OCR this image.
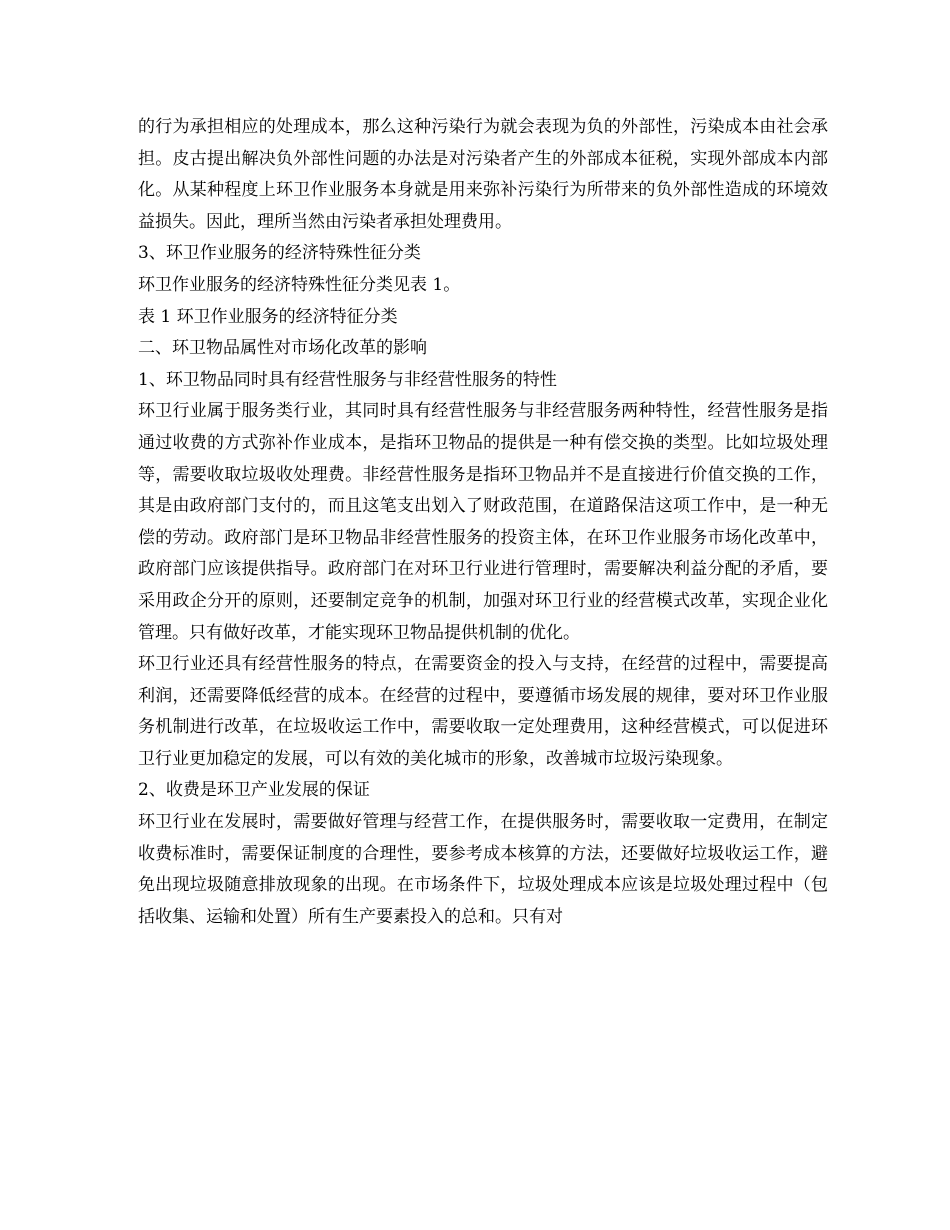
的行为承担相应的处理成本，那么这种污染行为就会表现为负的外部性，污染成本由社会承担。皮古提出解决负外部性问题的办法是对污染者产生的外部成本征税，实现外部成本内部化。从某种程度上环卫作业服务本身就是用来弥补污染行为所带来的负外部性造成的环境效益损失。因此，理所当然由污染者承担处理费用。

3、环卫作业服务的经济特殊性征分类

环卫作业服务的经济特殊性征分类见表 1。

表 1 环卫作业服务的经济特征分类

二、环卫物品属性对市场化改革的影响

1、环卫物品同时具有经营性服务与非经营性服务的特性

环卫行业属于服务类行业，其同时具有经营性服务与非经营服务两种特性，经营性服务是指通过收费的方式弥补作业成本，是指环卫物品的提供是一种有偿交换的类型。比如垃圾处理等，需要收取垃圾收处理费。非经营性服务是指环卫物品并不是直接进行价值交换的工作，其是由政府部门支付的，而且这笔支出划入了财政范围，在道路保洁这项工作中，是一种无偿的劳动。政府部门是环卫物品非经营性服务的投资主体，在环卫作业服务市场化改革中，政府部门应该提供指导。政府部门在对环卫行业进行管理时，需要解决利益分配的矛盾，要采用政企分开的原则，还要制定竞争的机制，加强对环卫行业的经营模式改革，实现企业化管理。只有做好改革，才能实现环卫物品提供机制的优化。

环卫行业还具有经营性服务的特点，在需要资金的投入与支持，在经营的过程中，需要提高利润，还需要降低经营的成本。在经营的过程中，要遵循市场发展的规律，要对环卫作业服务机制进行改革，在垃圾收运工作中，需要收取一定处理费用，这种经营模式，可以促进环卫行业更加稳定的发展，可以有效的美化城市的形象，改善城市垃圾污染现象。

2、收费是环卫产业发展的保证

环卫行业在发展时，需要做好管理与经营工作，在提供服务时，需要收取一定费用，在制定收费标准时，需要保证制度的合理性，要参考成本核算的方法，还要做好垃圾收运工作，避免出现垃圾随意排放现象的出现。在市场条件下，垃圾处理成本应该是垃圾处理过程中（包括收集、运输和处置）所有生产要素投入的总和。只有对
